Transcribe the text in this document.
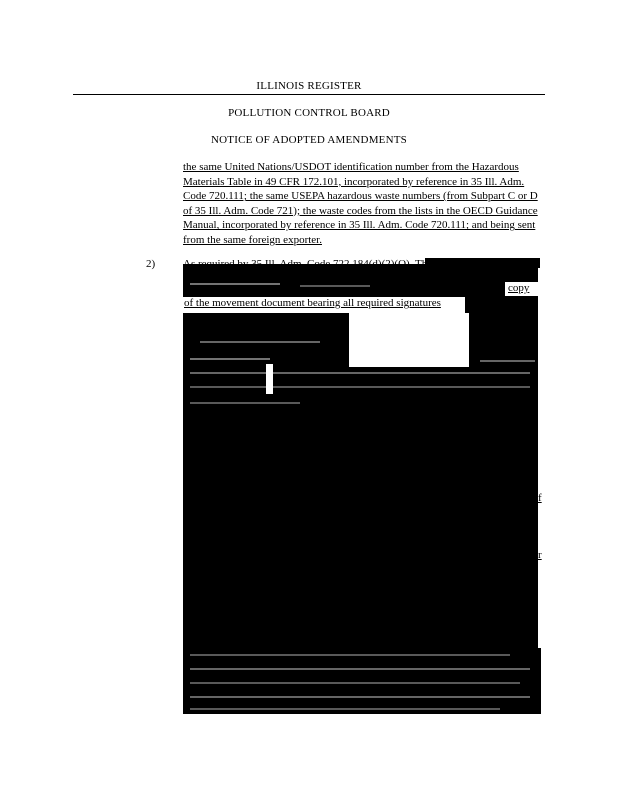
ILLINOIS REGISTER
POLLUTION CONTROL BOARD
NOTICE OF ADOPTED AMENDMENTS
the same United Nations/USDOT identification number from the Hazardous Materials Table in 49 CFR 172.101, incorporated by reference in 35 Ill. Adm. Code 720.111; the same USEPA hazardous waste numbers (from Subpart C or D of 35 Ill. Adm. Code 721); the waste codes from the lists in the OECD Guidance Manual, incorporated by reference in 35 Ill. Adm. Code 720.111; and being sent from the same foreign exporter.
2)
of the movement document bearing all required signatures
copy
f
r
